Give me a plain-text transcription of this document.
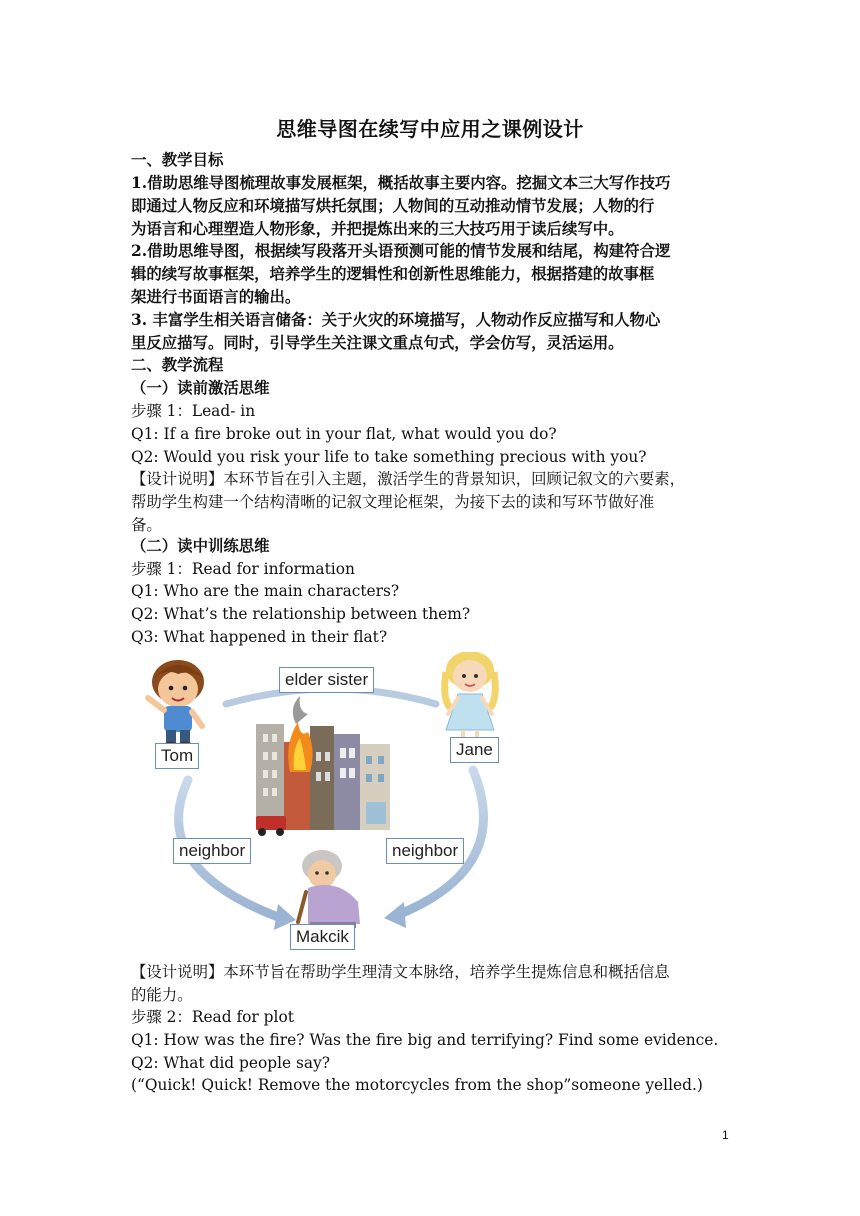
思维导图在续写中应用之课例设计
一、教学目标
1.借助思维导图梳理故事发展框架，概括故事主要内容。挖掘文本三大写作技巧
即通过人物反应和环境描写烘托氛围；人物间的互动推动情节发展；人物的行
为语言和心理塑造人物形象，并把提炼出来的三大技巧用于读后续写中。
2.借助思维导图，根据续写段落开头语预测可能的情节发展和结尾，构建符合逻
辑的续写故事框架，培养学生的逻辑性和创新性思维能力，根据搭建的故事框
架进行书面语言的输出。
3. 丰富学生相关语言储备：关于火灾的环境描写，人物动作反应描写和人物心
里反应描写。同时，引导学生关注课文重点句式，学会仿写，灵活运用。
二、教学流程
（一）读前激活思维
步骤 1：Lead- in
Q1: If a fire broke out in your flat, what would you do?
Q2: Would you risk your life to take something precious with you?
【设计说明】本环节旨在引入主题，激活学生的背景知识，回顾记叙文的六要素，
帮助学生构建一个结构清晰的记叙文理论框架，为接下去的读和写环节做好准
备。
（二）读中训练思维
步骤 1：Read for information
Q1: Who are the main characters?
Q2: What’s the relationship between them?
Q3: What happened in their flat?
elder sister
Tom	Jane
neighbor	neighbor
Makcik
【设计说明】本环节旨在帮助学生理清文本脉络，培养学生提炼信息和概括信息
的能力。
步骤 2：Read for plot
Q1: How was the fire? Was the fire big and terrifying? Find some evidence.
Q2: What did people say?
(“Quick! Quick! Remove the motorcycles from the shop”someone yelled.)
1
